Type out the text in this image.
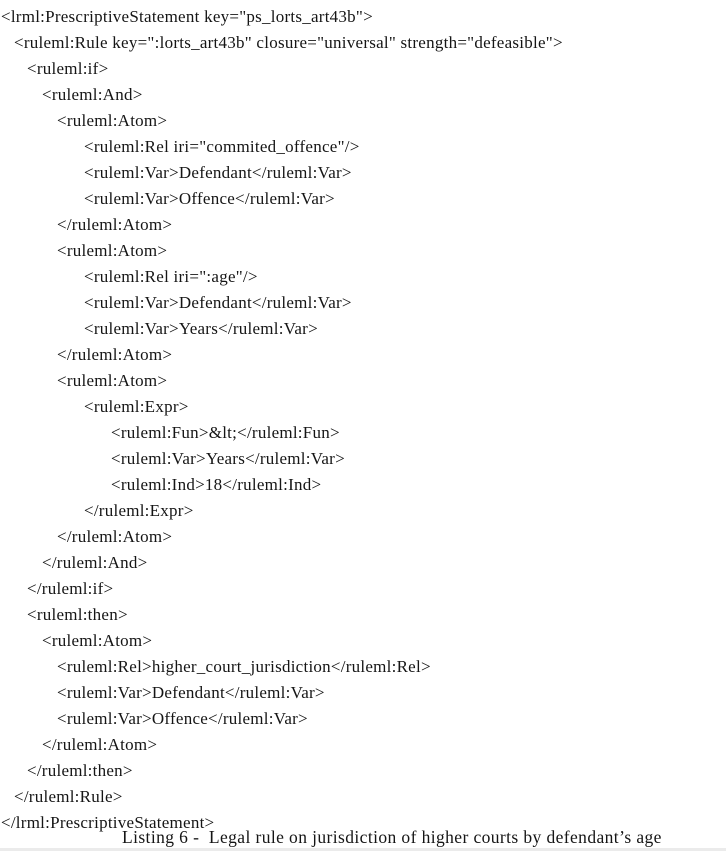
<lrml:PrescriptiveStatement key="ps_lorts_art43b">
<ruleml:Rule key=":lorts_art43b" closure="universal" strength="defeasible">
<ruleml:if>
<ruleml:And>
<ruleml:Atom>
<ruleml:Rel iri="commited_offence"/>
<ruleml:Var>Defendant</ruleml:Var>
<ruleml:Var>Offence</ruleml:Var>
</ruleml:Atom>
<ruleml:Atom>
<ruleml:Rel iri=":age"/>
<ruleml:Var>Defendant</ruleml:Var>
<ruleml:Var>Years</ruleml:Var>
</ruleml:Atom>
<ruleml:Atom>
<ruleml:Expr>
<ruleml:Fun>&lt;</ruleml:Fun>
<ruleml:Var>Years</ruleml:Var>
<ruleml:Ind>18</ruleml:Ind>
</ruleml:Expr>
</ruleml:Atom>
</ruleml:And>
</ruleml:if>
<ruleml:then>
<ruleml:Atom>
<ruleml:Rel>higher_court_jurisdiction</ruleml:Rel>
<ruleml:Var>Defendant</ruleml:Var>
<ruleml:Var>Offence</ruleml:Var>
</ruleml:Atom>
</ruleml:then>
</ruleml:Rule>
</lrml:PrescriptiveStatement>
Listing 6 -  Legal rule on jurisdiction of higher courts by defendant’s age
